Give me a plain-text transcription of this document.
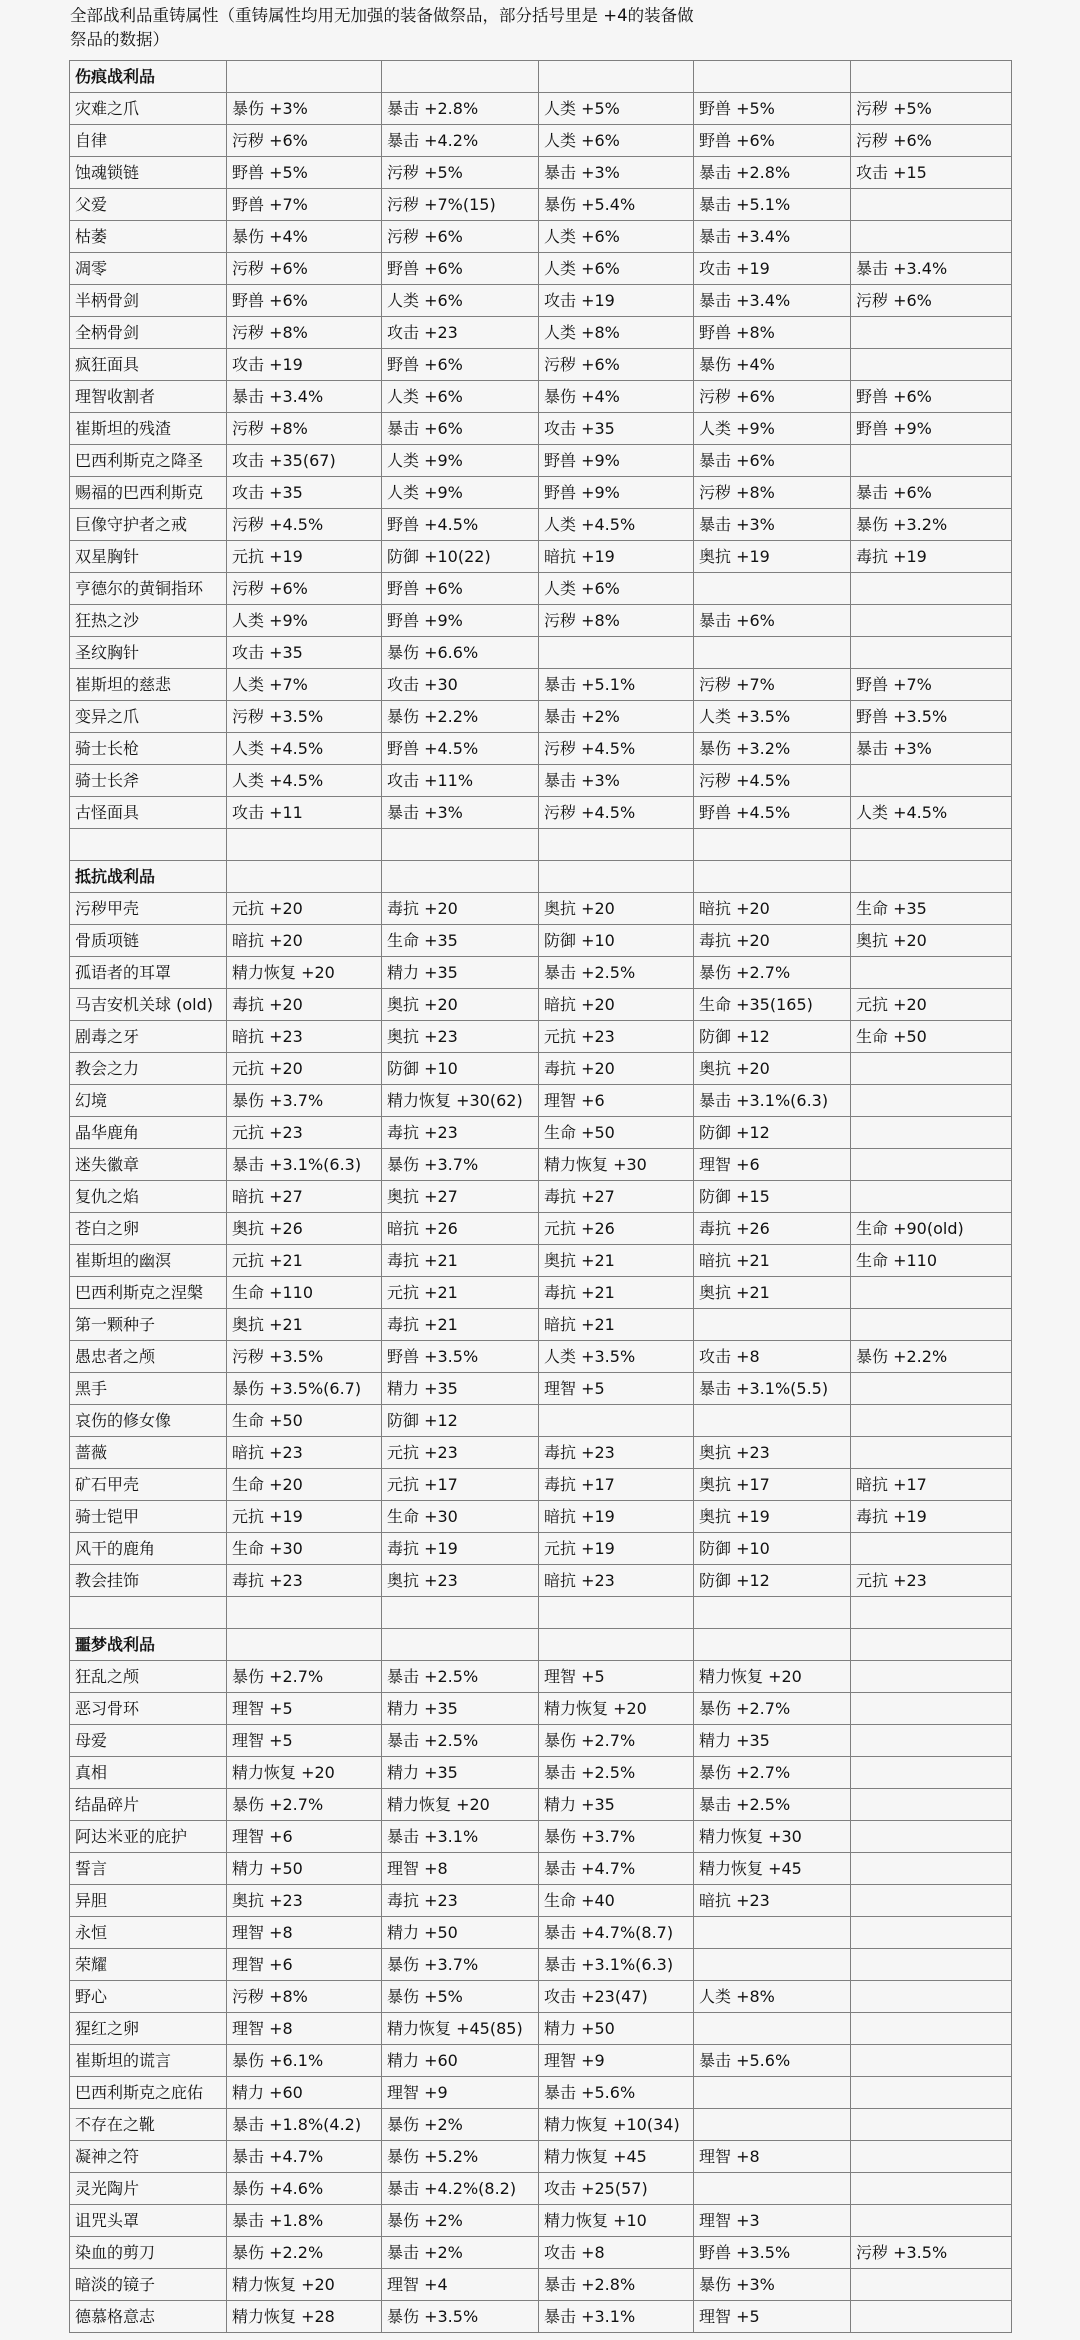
全部战利品重铸属性（重铸属性均用无加强的装备做祭品，部分括号里是 +4的装备做
祭品的数据）
伤痕战利品					
灾难之爪	暴伤 +3%	暴击 +2.8%	人类 +5%	野兽 +5%	污秽 +5%
自律	污秽 +6%	暴击 +4.2%	人类 +6%	野兽 +6%	污秽 +6%
蚀魂锁链	野兽 +5%	污秽 +5%	暴击 +3%	暴击 +2.8%	攻击 +15
父爱	野兽 +7%	污秽 +7%(15)	暴伤 +5.4%	暴击 +5.1%	
枯萎	暴伤 +4%	污秽 +6%	人类 +6%	暴击 +3.4%	
凋零	污秽 +6%	野兽 +6%	人类 +6%	攻击 +19	暴击 +3.4%
半柄骨剑	野兽 +6%	人类 +6%	攻击 +19	暴击 +3.4%	污秽 +6%
全柄骨剑	污秽 +8%	攻击 +23	人类 +8%	野兽 +8%	
疯狂面具	攻击 +19	野兽 +6%	污秽 +6%	暴伤 +4%	
理智收割者	暴击 +3.4%	人类 +6%	暴伤 +4%	污秽 +6%	野兽 +6%
崔斯坦的残渣	污秽 +8%	暴击 +6%	攻击 +35	人类 +9%	野兽 +9%
巴西利斯克之降圣	攻击 +35(67)	人类 +9%	野兽 +9%	暴击 +6%	
赐福的巴西利斯克	攻击 +35	人类 +9%	野兽 +9%	污秽 +8%	暴击 +6%
巨像守护者之戒	污秽 +4.5%	野兽 +4.5%	人类 +4.5%	暴击 +3%	暴伤 +3.2%
双星胸针	元抗 +19	防御 +10(22)	暗抗 +19	奥抗 +19	毒抗 +19
亨德尔的黄铜指环	污秽 +6%	野兽 +6%	人类 +6%		
狂热之沙	人类 +9%	野兽 +9%	污秽 +8%	暴击 +6%	
圣纹胸针	攻击 +35	暴伤 +6.6%			
崔斯坦的慈悲	人类 +7%	攻击 +30	暴击 +5.1%	污秽 +7%	野兽 +7%
变异之爪	污秽 +3.5%	暴伤 +2.2%	暴击 +2%	人类 +3.5%	野兽 +3.5%
骑士长枪	人类 +4.5%	野兽 +4.5%	污秽 +4.5%	暴伤 +3.2%	暴击 +3%
骑士长斧	人类 +4.5%	攻击 +11%	暴击 +3%	污秽 +4.5%	
古怪面具	攻击 +11	暴击 +3%	污秽 +4.5%	野兽 +4.5%	人类 +4.5%

抵抗战利品					
污秽甲壳	元抗 +20	毒抗 +20	奥抗 +20	暗抗 +20	生命 +35
骨质项链	暗抗 +20	生命 +35	防御 +10	毒抗 +20	奥抗 +20
孤语者的耳罩	精力恢复 +20	精力 +35	暴击 +2.5%	暴伤 +2.7%	
马吉安机关球 (old)	毒抗 +20	奥抗 +20	暗抗 +20	生命 +35(165)	元抗 +20
剧毒之牙	暗抗 +23	奥抗 +23	元抗 +23	防御 +12	生命 +50
教会之力	元抗 +20	防御 +10	毒抗 +20	奥抗 +20	
幻境	暴伤 +3.7%	精力恢复 +30(62)	理智 +6	暴击 +3.1%(6.3)	
晶华鹿角	元抗 +23	毒抗 +23	生命 +50	防御 +12	
迷失徽章	暴击 +3.1%(6.3)	暴伤 +3.7%	精力恢复 +30	理智 +6	
复仇之焰	暗抗 +27	奥抗 +27	毒抗 +27	防御 +15	
苍白之卵	奥抗 +26	暗抗 +26	元抗 +26	毒抗 +26	生命 +90(old)
崔斯坦的幽溟	元抗 +21	毒抗 +21	奥抗 +21	暗抗 +21	生命 +110
巴西利斯克之涅槃	生命 +110	元抗 +21	毒抗 +21	奥抗 +21	
第一颗种子	奥抗 +21	毒抗 +21	暗抗 +21		
愚忠者之颅	污秽 +3.5%	野兽 +3.5%	人类 +3.5%	攻击 +8	暴伤 +2.2%
黑手	暴伤 +3.5%(6.7)	精力 +35	理智 +5	暴击 +3.1%(5.5)	
哀伤的修女像	生命 +50	防御 +12			
蔷薇	暗抗 +23	元抗 +23	毒抗 +23	奥抗 +23	
矿石甲壳	生命 +20	元抗 +17	毒抗 +17	奥抗 +17	暗抗 +17
骑士铠甲	元抗 +19	生命 +30	暗抗 +19	奥抗 +19	毒抗 +19
风干的鹿角	生命 +30	毒抗 +19	元抗 +19	防御 +10	
教会挂饰	毒抗 +23	奥抗 +23	暗抗 +23	防御 +12	元抗 +23

噩梦战利品					
狂乱之颅	暴伤 +2.7%	暴击 +2.5%	理智 +5	精力恢复 +20	
恶习骨环	理智 +5	精力 +35	精力恢复 +20	暴伤 +2.7%	
母爱	理智 +5	暴击 +2.5%	暴伤 +2.7%	精力 +35	
真相	精力恢复 +20	精力 +35	暴击 +2.5%	暴伤 +2.7%	
结晶碎片	暴伤 +2.7%	精力恢复 +20	精力 +35	暴击 +2.5%	
阿达米亚的庇护	理智 +6	暴击 +3.1%	暴伤 +3.7%	精力恢复 +30	
誓言	精力 +50	理智 +8	暴击 +4.7%	精力恢复 +45	
异胆	奥抗 +23	毒抗 +23	生命 +40	暗抗 +23	
永恒	理智 +8	精力 +50	暴击 +4.7%(8.7)		
荣耀	理智 +6	暴伤 +3.7%	暴击 +3.1%(6.3)		
野心	污秽 +8%	暴伤 +5%	攻击 +23(47)	人类 +8%	
猩红之卵	理智 +8	精力恢复 +45(85)	精力 +50		
崔斯坦的谎言	暴伤 +6.1%	精力 +60	理智 +9	暴击 +5.6%	
巴西利斯克之庇佑	精力 +60	理智 +9	暴击 +5.6%		
不存在之靴	暴击 +1.8%(4.2)	暴伤 +2%	精力恢复 +10(34)		
凝神之符	暴击 +4.7%	暴伤 +5.2%	精力恢复 +45	理智 +8	
灵光陶片	暴伤 +4.6%	暴击 +4.2%(8.2)	攻击 +25(57)		
诅咒头罩	暴击 +1.8%	暴伤 +2%	精力恢复 +10	理智 +3	
染血的剪刀	暴伤 +2.2%	暴击 +2%	攻击 +8	野兽 +3.5%	污秽 +3.5%
暗淡的镜子	精力恢复 +20	理智 +4	暴击 +2.8%	暴伤 +3%	
德慕格意志	精力恢复 +28	暴伤 +3.5%	暴击 +3.1%	理智 +5	
